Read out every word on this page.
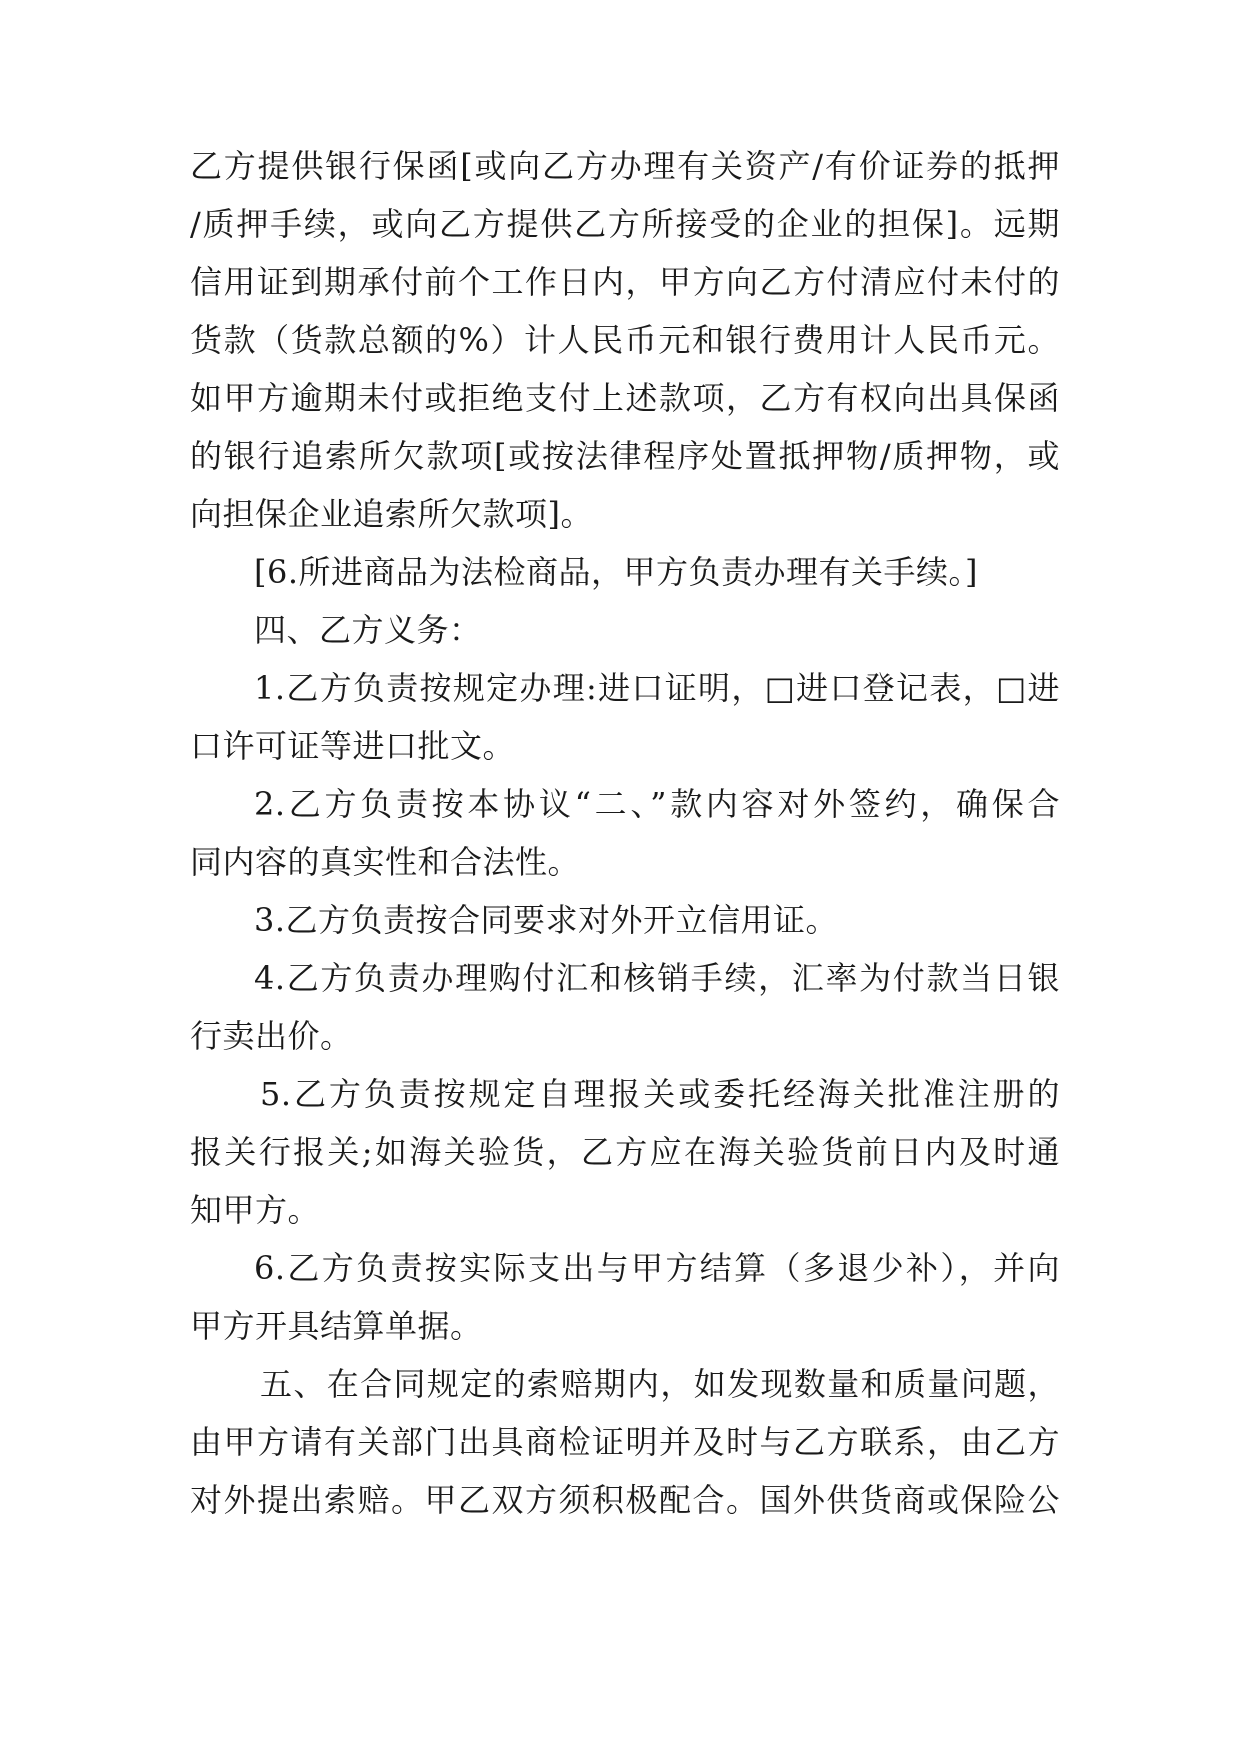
乙方提供银行保函[或向乙方办理有关资产/有价证券的抵押
/质押手续，或向乙方提供乙方所接受的企业的担保]。远期
信用证到期承付前个工作日内，甲方向乙方付清应付未付的
货款（货款总额的%）计人民币元和银行费用计人民币元。
如甲方逾期未付或拒绝支付上述款项，乙方有权向出具保函
的银行追索所欠款项[或按法律程序处置抵押物/质押物，或
向担保企业追索所欠款项]。
[6.所进商品为法检商品，甲方负责办理有关手续。]
四、乙方义务：
1.乙方负责按规定办理:进口证明，□进口登记表，□进
口许可证等进口批文。
2.乙方负责按本协议“二、”款内容对外签约，确保合
同内容的真实性和合法性。
3.乙方负责按合同要求对外开立信用证。
4.乙方负责办理购付汇和核销手续，汇率为付款当日银
行卖出价。
5.乙方负责按规定自理报关或委托经海关批准注册的
报关行报关;如海关验货，乙方应在海关验货前日内及时通
知甲方。
6.乙方负责按实际支出与甲方结算（多退少补），并向
甲方开具结算单据。
五、在合同规定的索赔期内，如发现数量和质量问题，
由甲方请有关部门出具商检证明并及时与乙方联系，由乙方
对外提出索赔。甲乙双方须积极配合。国外供货商或保险公
